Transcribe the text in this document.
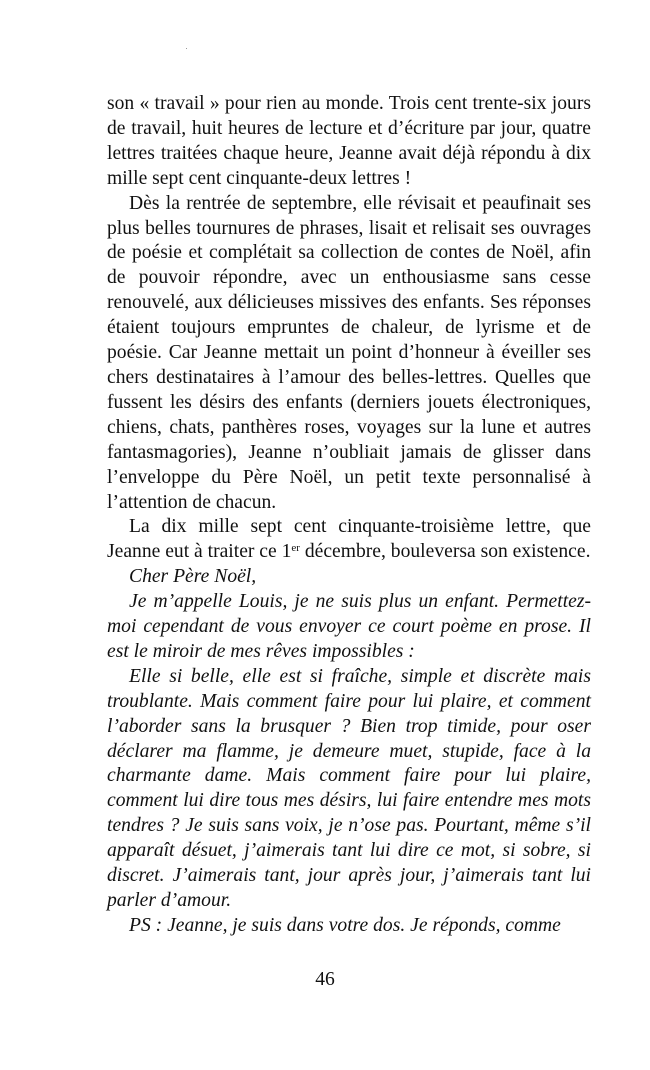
son « travail » pour rien au monde. Trois cent trente-six jours de travail, huit heures de lecture et d’écriture par jour, quatre lettres traitées chaque heure, Jeanne avait déjà répondu à dix mille sept cent cinquante-deux lettres !

Dès la rentrée de septembre, elle révisait et peaufinait ses plus belles tournures de phrases, lisait et relisait ses ouvrages de poésie et complétait sa collection de contes de Noël, afin de pouvoir répondre, avec un enthousiasme sans cesse renouvelé, aux délicieuses missives des enfants. Ses réponses étaient toujours empruntes de chaleur, de lyrisme et de poésie. Car Jeanne mettait un point d’honneur à éveiller ses chers destinataires à l’amour des belles-lettres. Quelles que fussent les désirs des enfants (derniers jouets électroniques, chiens, chats, panthères roses, voyages sur la lune et autres fantasmagories), Jeanne n’oubliait jamais de glisser dans l’enveloppe du Père Noël, un petit texte personnalisé à l’attention de chacun.

La dix mille sept cent cinquante-troisième lettre, que Jeanne eut à traiter ce 1er décembre, bouleversa son existence.

Cher Père Noël,

Je m’appelle Louis, je ne suis plus un enfant. Permettez-moi cependant de vous envoyer ce court poème en prose. Il est le miroir de mes rêves impossibles :

Elle si belle, elle est si fraîche, simple et discrète mais troublante. Mais comment faire pour lui plaire, et comment l’aborder sans la brusquer ? Bien trop timide, pour oser déclarer ma flamme, je demeure muet, stupide, face à la charmante dame. Mais comment faire pour lui plaire, comment lui dire tous mes désirs, lui faire entendre mes mots tendres ? Je suis sans voix, je n’ose pas. Pourtant, même s’il apparaît désuet, j’aimerais tant lui dire ce mot, si sobre, si discret. J’aimerais tant, jour après jour, j’aimerais tant lui parler d’amour.

PS : Jeanne, je suis dans votre dos. Je réponds, comme

46
